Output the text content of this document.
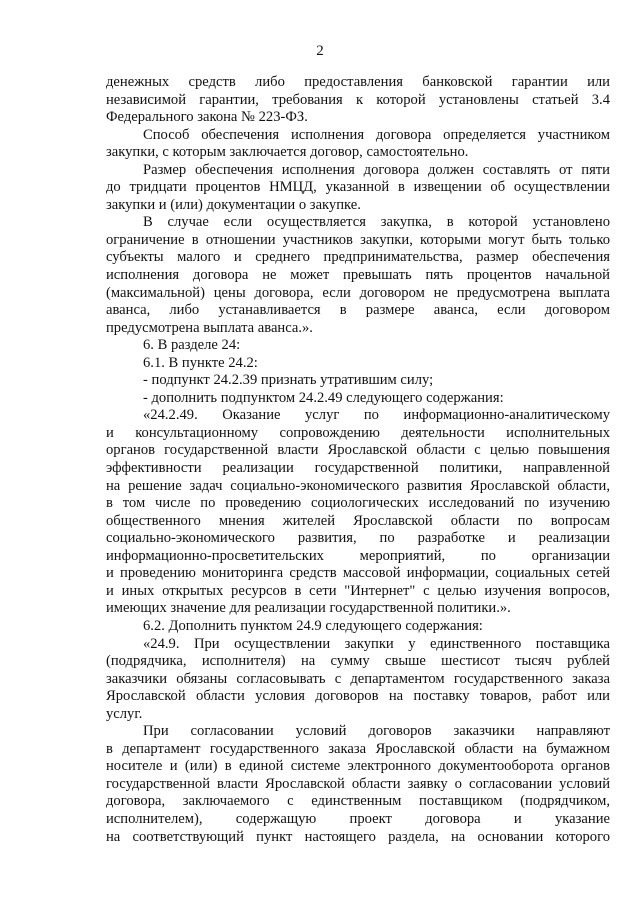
2
денежных средств либо предоставления банковской гарантии или
независимой гарантии, требования к которой установлены статьей 3.4
Федерального закона № 223-ФЗ.
Способ обеспечения исполнения договора определяется участником
закупки, с которым заключается договор, самостоятельно.
Размер обеспечения исполнения договора должен составлять от пяти
до тридцати процентов НМЦД, указанной в извещении об осуществлении
закупки и (или) документации о закупке.
В случае если осуществляется закупка, в которой установлено
ограничение в отношении участников закупки, которыми могут быть только
субъекты малого и среднего предпринимательства, размер обеспечения
исполнения договора не может превышать пять процентов начальной
(максимальной) цены договора, если договором не предусмотрена выплата
аванса, либо устанавливается в размере аванса, если договором
предусмотрена выплата аванса.».
6. В разделе 24:
6.1. В пункте 24.2:
- подпункт 24.2.39 признать утратившим силу;
- дополнить подпунктом 24.2.49 следующего содержания:
«24.2.49. Оказание услуг по информационно-аналитическому
и консультационному сопровождению деятельности исполнительных
органов государственной власти Ярославской области с целью повышения
эффективности реализации государственной политики, направленной
на решение задач социально-экономического развития Ярославской области,
в том числе по проведению социологических исследований по изучению
общественного мнения жителей Ярославской области по вопросам
социально-экономического развития, по разработке и реализации
информационно-просветительских мероприятий, по организации
и проведению мониторинга средств массовой информации, социальных сетей
и иных открытых ресурсов в сети "Интернет" с целью изучения вопросов,
имеющих значение для реализации государственной политики.».
6.2. Дополнить пунктом 24.9 следующего содержания:
«24.9. При осуществлении закупки у единственного поставщика
(подрядчика, исполнителя) на сумму свыше шестисот тысяч рублей
заказчики обязаны согласовывать с департаментом государственного заказа
Ярославской области условия договоров на поставку товаров, работ или
услуг.
При согласовании условий договоров заказчики направляют
в департамент государственного заказа Ярославской области на бумажном
носителе и (или) в единой системе электронного документооборота органов
государственной власти Ярославской области заявку о согласовании условий
договора, заключаемого с единственным поставщиком (подрядчиком,
исполнителем), содержащую проект договора и указание
на соответствующий пункт настоящего раздела, на основании которого
